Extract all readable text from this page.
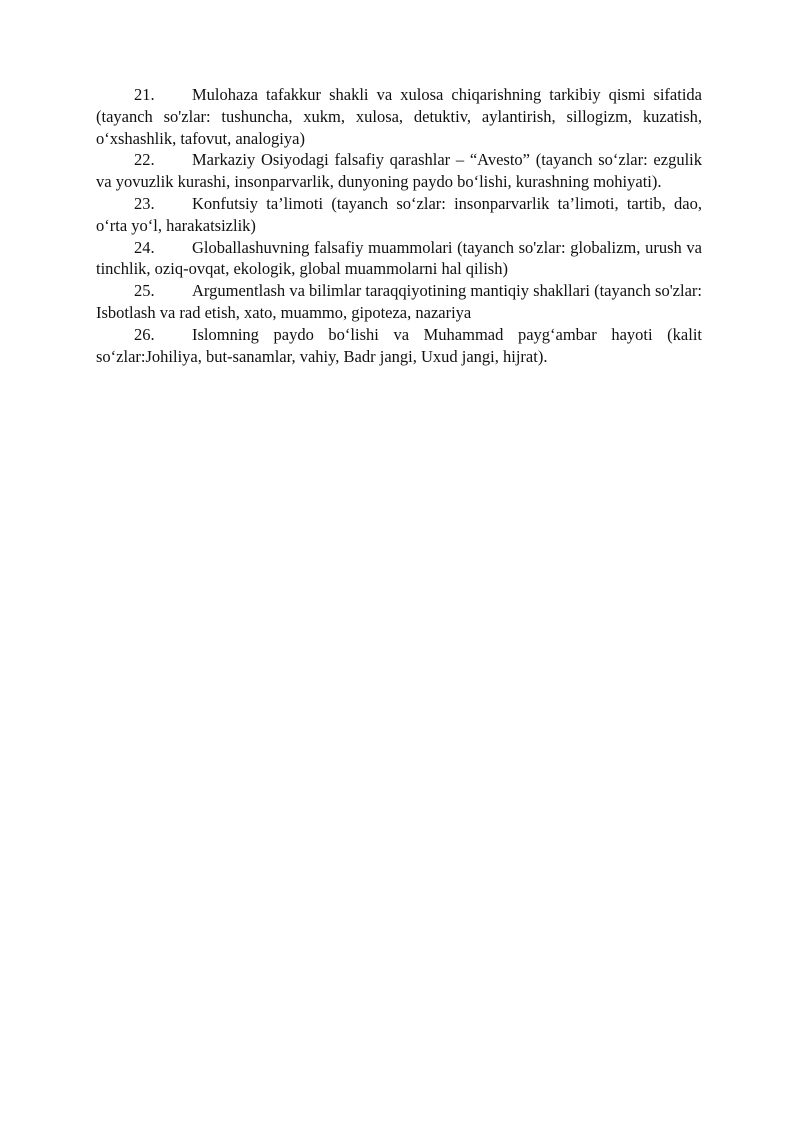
21. Mulohaza tafakkur shakli va xulosa chiqarishning tarkibiy qismi sifatida (tayanch so'zlar: tushuncha, xukm, xulosa, detuktiv, aylantirish, sillogizm, kuzatish, o‘xshashlik, tafovut, analogiya)

22. Markaziy Osiyodagi falsafiy qarashlar – “Avesto” (tayanch so‘zlar: ezgulik va yovuzlik kurashi, insonparvarlik, dunyoning paydo bo‘lishi, kurashning mohiyati).

23. Konfutsiy ta’limoti (tayanch so‘zlar: insonparvarlik ta’limoti, tartib, dao, o‘rta yo‘l, harakatsizlik)

24. Globallashuvning falsafiy muammolari (tayanch so'zlar: globalizm, urush va tinchlik, oziq-ovqat, ekologik, global muammolarni hal qilish)

25. Argumentlash va bilimlar taraqqiyotining mantiqiy shakllari (tayanch so'zlar: Isbotlash va rad etish, xato, muammo, gipoteza, nazariya

26. Islomning paydo bo‘lishi va Muhammad payg‘ambar hayoti (kalit so‘zlar:Johiliya, but-sanamlar, vahiy, Badr jangi, Uxud jangi, hijrat).
